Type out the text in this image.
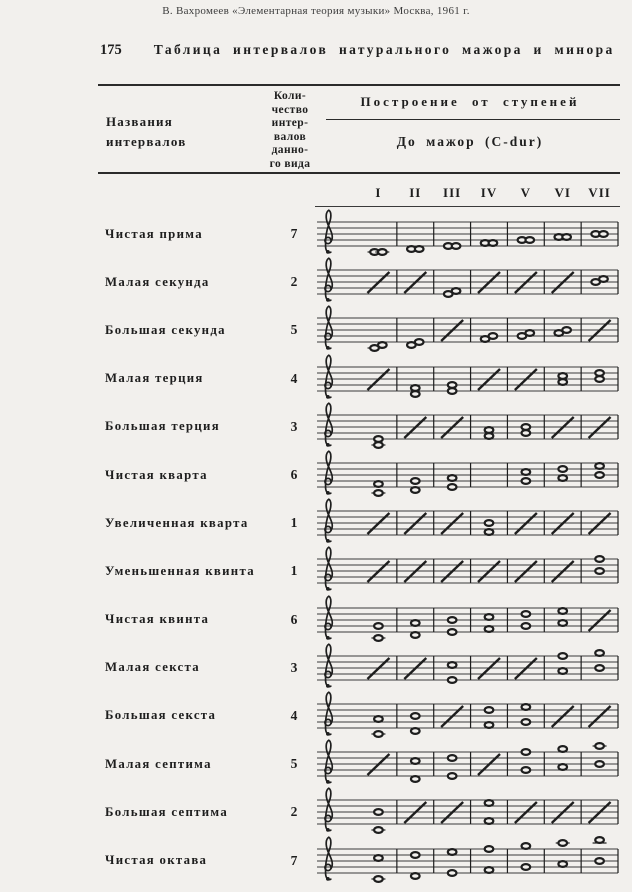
В. Вахромеев «Элементарная теория музыки» Москва, 1961 г.
175 Таблица интервалов натурального мажора и минора
Названия
интервалов
Коли-
чество
интер-
валов
данно-
го вида
Построение от ступеней
До мажор (C-dur)
I II III IV V VI VII
Чистая прима	7
Малая секунда	2
Большая секунда	5
Малая терция	4
Большая терция	3
Чистая кварта	6
Увеличенная кварта	1
Уменьшенная квинта	1
Чистая квинта	6
Малая секста	3
Большая секста	4
Малая септима	5
Большая септима	2
Чистая октава	7
